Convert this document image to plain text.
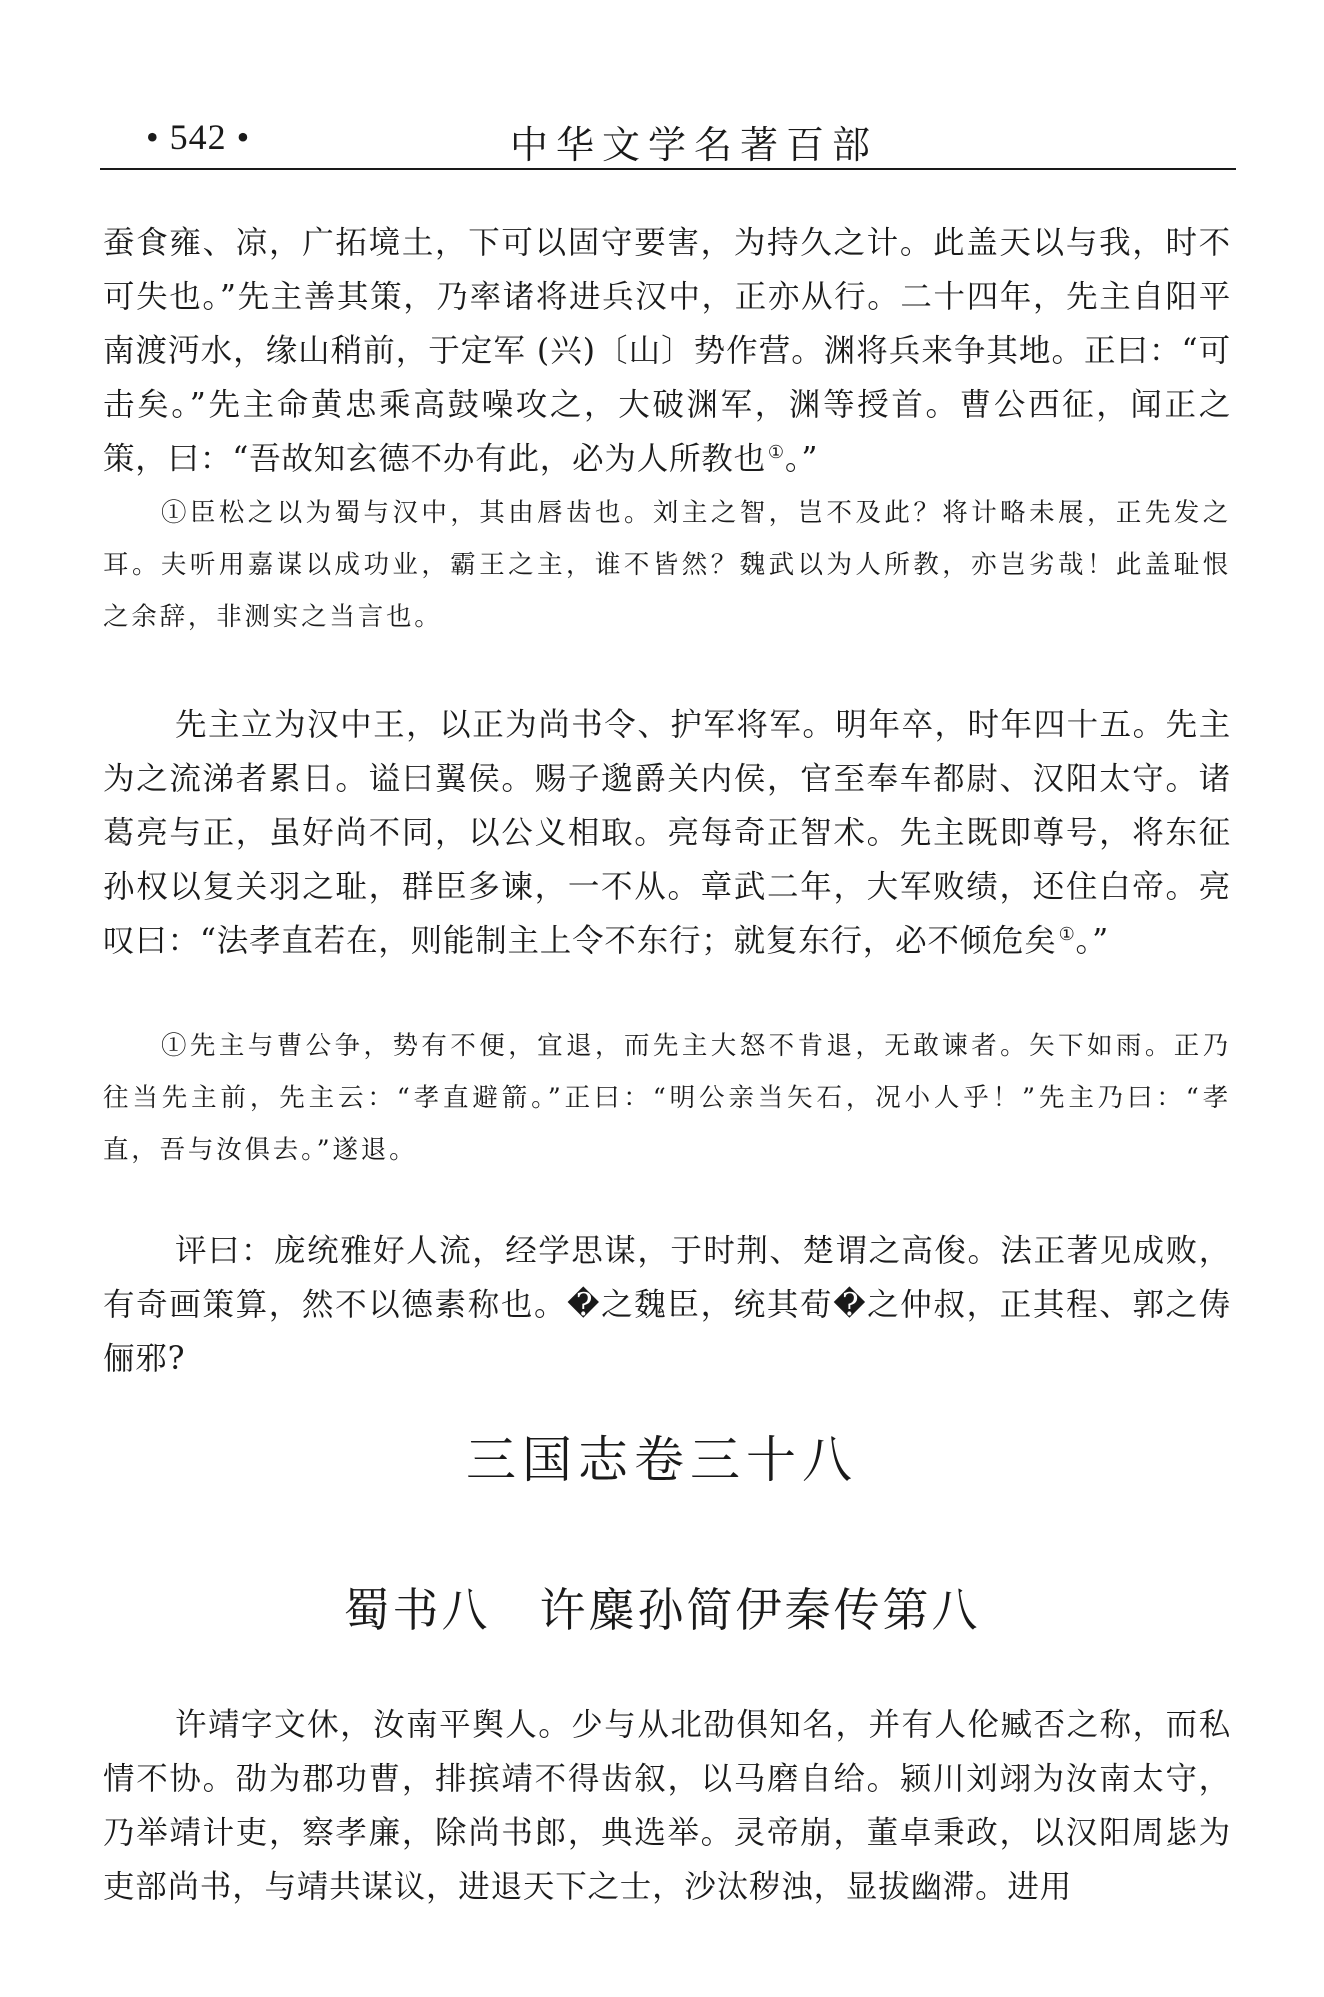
• 542 •	中华文学名著百部

蚕食雍、凉，广拓境土，下可以固守要害，为持久之计。此盖天以与我，时不可失也。”先主善其策，乃率诸将进兵汉中，正亦从行。二十四年，先主自阳平南渡沔水，缘山稍前，于定军 (兴)〔山〕势作营。渊将兵来争其地。正曰：“可击矣。”先主命黄忠乘高鼓噪攻之，大破渊军，渊等授首。曹公西征，闻正之策，曰：“吾故知玄德不办有此，必为人所教也 ①。”

①臣松之以为蜀与汉中，其由唇齿也。刘主之智，岂不及此？将计略未展，正先发之耳。夫听用嘉谋以成功业，霸王之主，谁不皆然？魏武以为人所教，亦岂劣哉！此盖耻恨之余辞，非测实之当言也。

先主立为汉中王，以正为尚书令、护军将军。明年卒，时年四十五。先主为之流涕者累日。谥曰翼侯。赐子邈爵关内侯，官至奉车都尉、汉阳太守。诸葛亮与正，虽好尚不同，以公义相取。亮每奇正智术。先主既即尊号，将东征孙权以复关羽之耻，群臣多谏，一不从。章武二年，大军败绩，还住白帝。亮叹曰：“法孝直若在，则能制主上令不东行；就复东行，必不倾危矣 ①。”

①先主与曹公争，势有不便，宜退，而先主大怒不肯退，无敢谏者。矢下如雨。正乃往当先主前，先主云：“孝直避箭。”正曰：“明公亲当矢石，况小人乎！”先主乃曰：“孝直，吾与汝俱去。”遂退。

评曰：庞统雅好人流，经学思谋，于时荆、楚谓之高俊。法正著见成败，有奇画策算，然不以德素称也。�之魏臣，统其荀�之仲叔，正其程、郭之俦俪邪?

三国志卷三十八
蜀书八　许麋孙简伊秦传第八

许靖字文休，汝南平舆人。少与从北劭俱知名，并有人伦臧否之称，而私情不协。劭为郡功曹，排摈靖不得齿叙，以马磨自给。颍川刘翊为汝南太守，乃举靖计吏，察孝廉，除尚书郎，典选举。灵帝崩，董卓秉政，以汉阳周毖为吏部尚书，与靖共谋议，进退天下之士，沙汰秽浊，显拔幽滞。进用
